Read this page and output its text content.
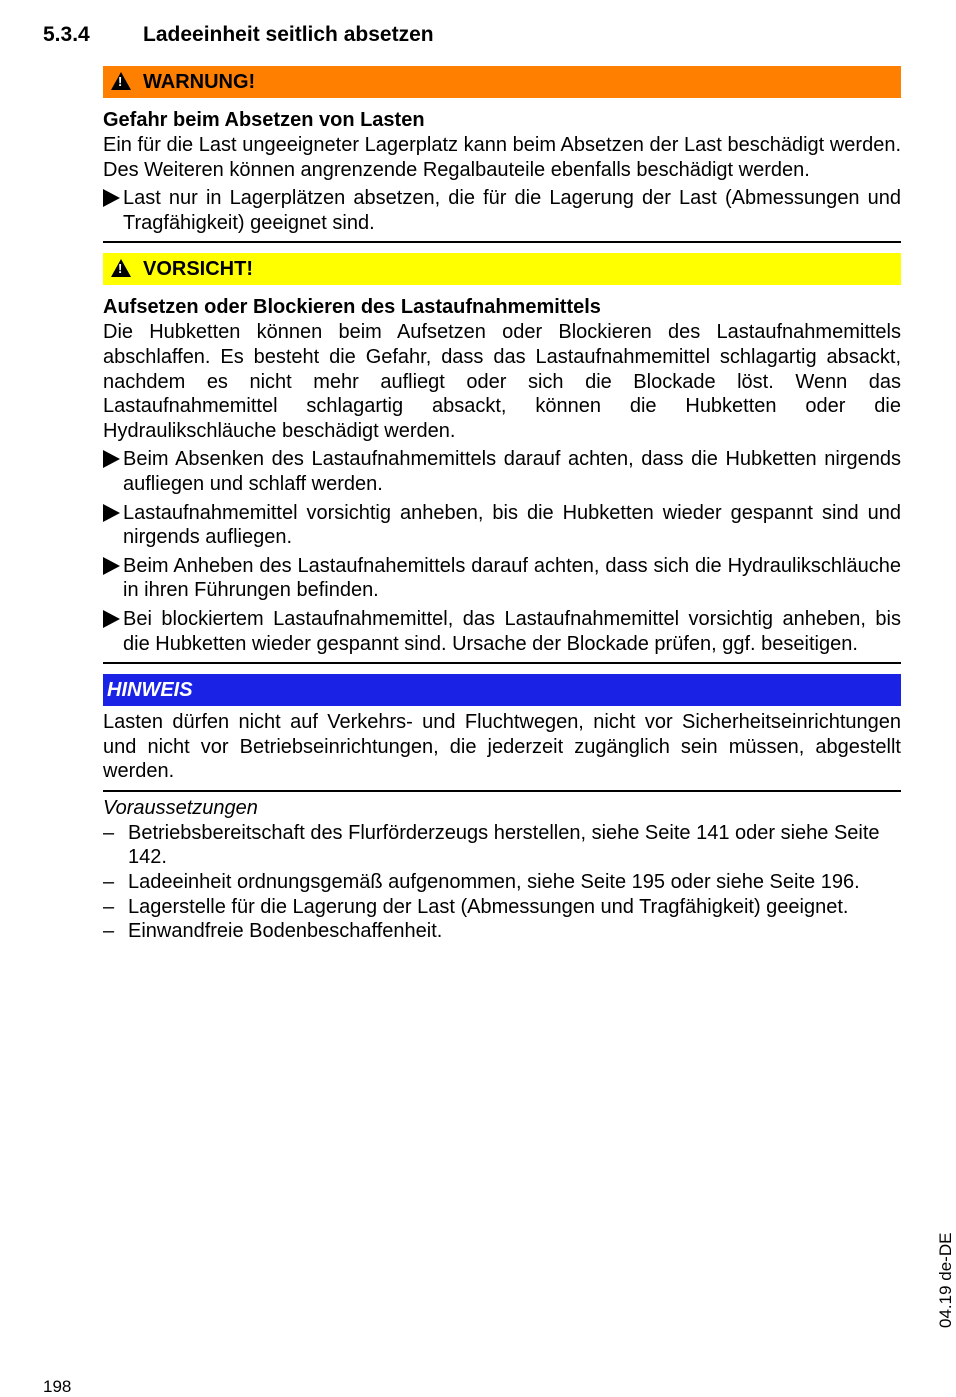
5.3.4	Ladeeinheit seitlich absetzen
!
WARNUNG!
Gefahr beim Absetzen von Lasten

Ein für die Last ungeeigneter Lagerplatz kann beim Absetzen der Last beschädigt werden. Des Weiteren können angrenzende Regalbauteile ebenfalls beschädigt werden.

Last nur in Lagerplätzen absetzen, die für die Lagerung der Last (Abmessungen und Tragfähigkeit) geeignet sind.
!
VORSICHT!
Aufsetzen oder Blockieren des Lastaufnahmemittels

Die Hubketten können beim Aufsetzen oder Blockieren des Lastaufnahmemittels abschlaffen. Es besteht die Gefahr, dass das Lastaufnahmemittel schlagartig absackt, nachdem es nicht mehr aufliegt oder sich die Blockade löst. Wenn das Lastaufnahmemittel schlagartig absackt, können die Hubketten oder die Hydraulikschläuche beschädigt werden.

Beim Absenken des Lastaufnahmemittels darauf achten, dass die Hubketten nirgends aufliegen und schlaff werden.
Lastaufnahmemittel vorsichtig anheben, bis die Hubketten wieder gespannt sind und nirgends aufliegen.
Beim Anheben des Lastaufnahemittels darauf achten, dass sich die Hydraulikschläuche in ihren Führungen befinden.
Bei blockiertem Lastaufnahmemittel, das Lastaufnahmemittel vorsichtig anheben, bis die Hubketten wieder gespannt sind. Ursache der Blockade prüfen, ggf. beseitigen.
HINWEIS

Lasten dürfen nicht auf Verkehrs- und Fluchtwegen, nicht vor Sicherheitseinrichtungen und nicht vor Betriebseinrichtungen, die jederzeit zugänglich sein müssen, abgestellt werden.

Voraussetzungen
– Betriebsbereitschaft des Flurförderzeugs herstellen, siehe Seite 141 oder siehe Seite 142.
– Ladeeinheit ordnungsgemäß aufgenommen, siehe Seite 195 oder siehe Seite 196.
– Lagerstelle für die Lagerung der Last (Abmessungen und Tragfähigkeit) geeignet.
– Einwandfreie Bodenbeschaffenheit.
198
04.19 de-DE
